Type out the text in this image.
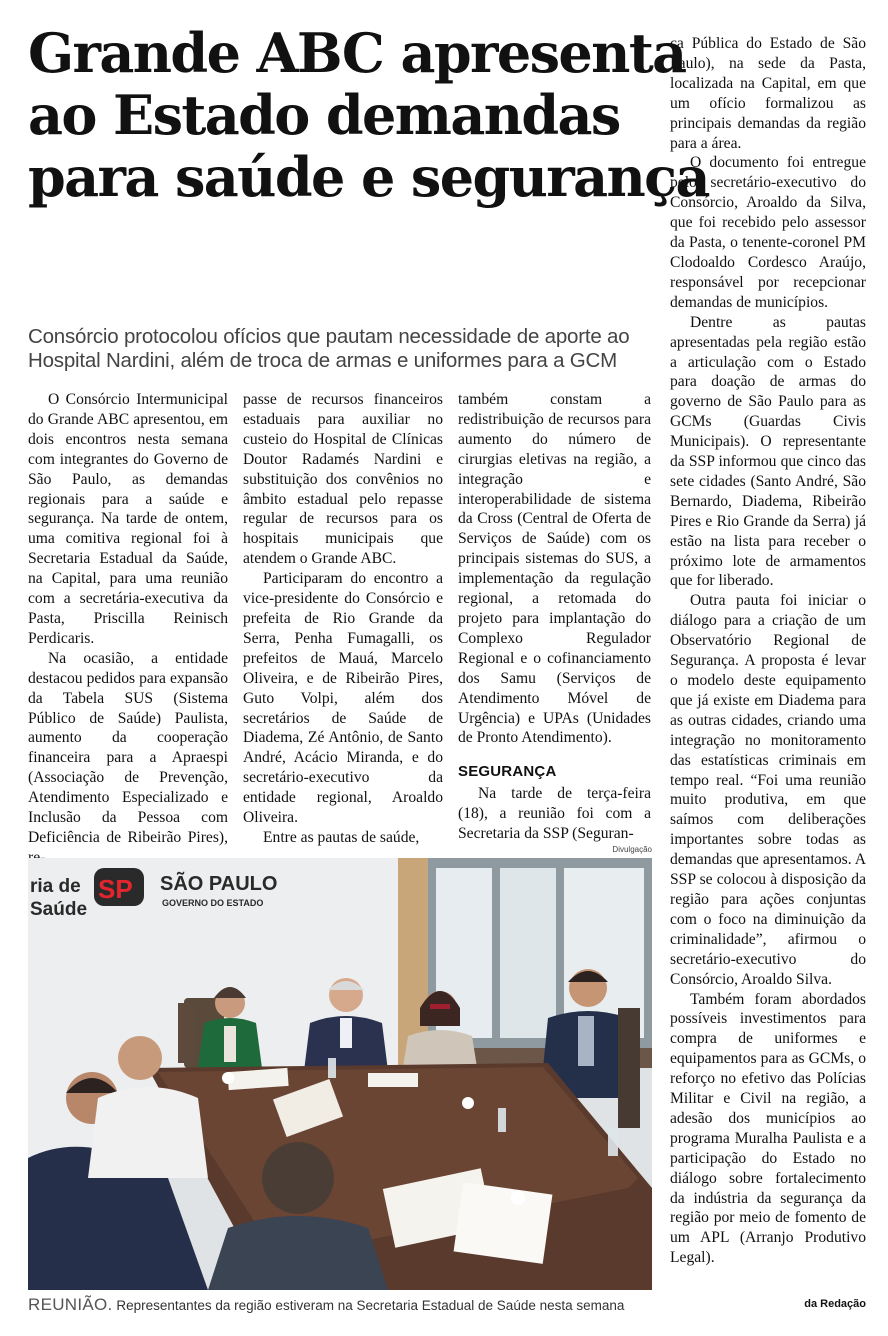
Grande ABC apresenta
ao Estado demandas
para saúde e segurança
Consórcio protocolou ofícios que pautam necessidade de aporte ao
Hospital Nardini, além de troca de armas e uniformes para a GCM

O Consórcio Intermunicipal do Grande ABC apresentou, em dois encontros nesta semana com integrantes do Governo de São Paulo, as demandas regionais para a saúde e segurança. Na tarde de ontem, uma comitiva regional foi à Secretaria Estadual da Saúde, na Capital, para uma reunião com a secretária-executiva da Pasta, Priscilla Reinisch Perdicaris.

Na ocasião, a entidade destacou pedidos para expansão da Tabela SUS (Sistema Público de Saúde) Paulista, aumento da cooperação financeira para a Apraespi (Associação de Prevenção, Atendimento Especializado e Inclusão da Pessoa com Deficiência de Ribeirão Pires),

passe de recursos financeiros estaduais para auxiliar no custeio do Hospital de Clínicas Doutor Radamés Nardini e substituição dos convênios no âmbito estadual pelo repasse regular de recursos para os hospitais municipais que atendem o Grande ABC.

Participaram do encontro a vice-presidente do Consórcio e prefeita de Rio Grande da Serra, Penha Fumagalli, os prefeitos de Mauá, Marcelo Oliveira, e de Ribeirão Pires, Guto Volpi, além dos secretários de Saúde de Diadema, Zé Antônio, de Santo André, Acácio Miranda, e do secretário-executivo da entidade regional, Aroaldo Oliveira.

Entre as pautas de saúde,

também constam a redistribuição de recursos para aumento do número de cirurgias eletivas na região, a integração e interoperabilidade de sistema da Cross (Central de Oferta de Serviços de Saúde) com os principais sistemas do SUS, a implementação da regulação regional, a retomada do projeto para implantação do Complexo Regulador Regional e o cofinanciamento dos Samu (Serviços de Atendimento Móvel de Urgência) e UPAs (Unidades de Pronto Atendimento).

SEGURANÇA

Na tarde de terça-feira (18), a reunião foi com a Secretaria da SSP (Seguran-

ça Pública do Estado de São Paulo), na sede da Pasta, localizada na Capital, em que um ofício formalizou as principais demandas da região para a área.

O documento foi entregue pelo secretário-executivo do Consórcio, Aroaldo da Silva, que foi recebido pelo assessor da Pasta, o tenente-coronel PM Clodoaldo Cordesco Araújo, responsável por recepcionar demandas de municípios.

Dentre as pautas apresentadas pela região estão a articulação com o Estado para doação de armas do governo de São Paulo para as GCMs (Guardas Civis Municipais). O representante da SSP informou que cinco das sete cidades (Santo André, São Bernardo, Diadema, Ribeirão Pires e Rio Grande da Serra) já estão na lista para receber o próximo lote de armamentos que for liberado.

Outra pauta foi iniciar o diálogo para a criação de um Observatório Regional de Segurança. A proposta é levar o modelo deste equipamento que já existe em Diadema para as outras cidades, criando uma integração no monitoramento das estatísticas criminais em tempo real. “Foi uma reunião muito produtiva, em que saímos com deliberações importantes sobre todas as demandas que apresentamos. A SSP se colocou à disposição da região para ações conjuntas com o foco na diminuição da criminalidade”, afirmou o secretário-executivo do Consórcio, Aroaldo Silva.

Também foram abordados possíveis investimentos para compra de uniformes e equipamentos para as GCMs, o reforço no efetivo das Polícias Militar e Civil na região, a adesão dos municípios ao programa Muralha Paulista e a participação do Estado no diálogo sobre fortalecimento da indústria da segurança da região por meio de fomento de um APL (Arranjo Produtivo Legal).

Divulgação
ria de
Saúde
SP SÃO PAULO
GOVERNO DO ESTADO
REUNIÃO. Representantes da região estiveram na Secretaria Estadual de Saúde nesta semana	da Redação
